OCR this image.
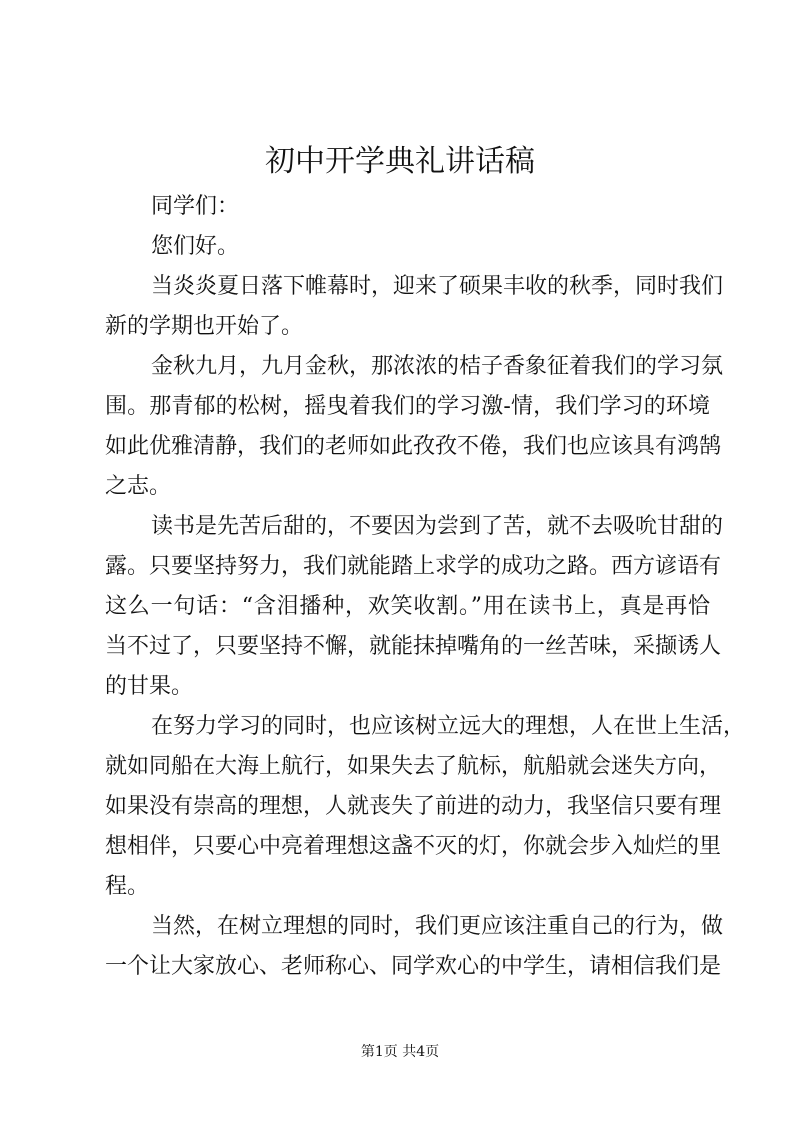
初中开学典礼讲话稿
同学们：
您们好。
当炎炎夏日落下帷幕时，迎来了硕果丰收的秋季，同时我们
新的学期也开始了。
金秋九月，九月金秋，那浓浓的桔子香象征着我们的学习氛
围。那青郁的松树，摇曳着我们的学习激-情，我们学习的环境
如此优雅清静，我们的老师如此孜孜不倦，我们也应该具有鸿鹄
之志。
读书是先苦后甜的，不要因为尝到了苦，就不去吸吮甘甜的
露。只要坚持努力，我们就能踏上求学的成功之路。西方谚语有
这么一句话：“含泪播种，欢笑收割。”用在读书上，真是再恰
当不过了，只要坚持不懈，就能抹掉嘴角的一丝苦味，采撷诱人
的甘果。
在努力学习的同时，也应该树立远大的理想，人在世上生活，
就如同船在大海上航行，如果失去了航标，航船就会迷失方向，
如果没有崇高的理想，人就丧失了前进的动力，我坚信只要有理
想相伴，只要心中亮着理想这盏不灭的灯，你就会步入灿烂的里
程。
当然，在树立理想的同时，我们更应该注重自己的行为，做
一个让大家放心、老师称心、同学欢心的中学生，请相信我们是
第1页 共4页
